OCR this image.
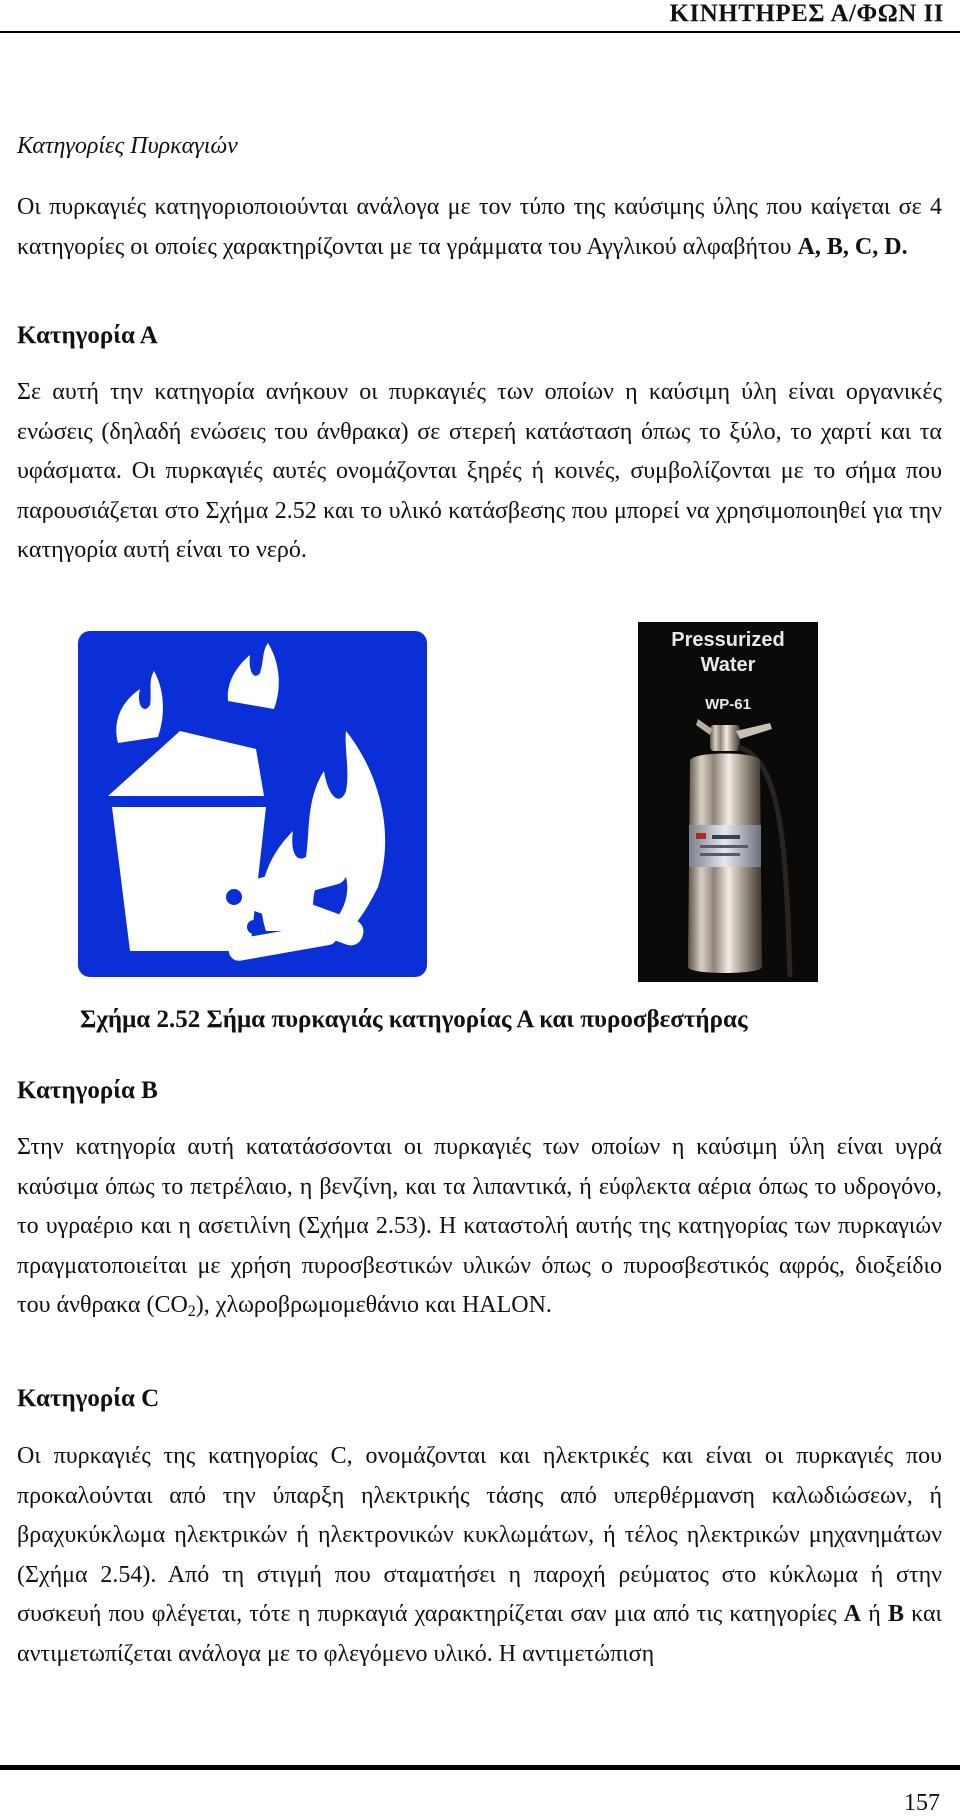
ΚΙΝΗΤΗΡΕΣ Α/ΦΩΝ ΙΙ
Κατηγορίες Πυρκαγιών

Οι πυρκαγιές κατηγοριοποιούνται ανάλογα με τον τύπο της καύσιμης ύλης που καίγεται σε 4 κατηγορίες οι οποίες χαρακτηρίζονται με τα γράμματα του Αγγλικού αλφαβήτου A, B, C, D.

Κατηγορία Α

Σε αυτή την κατηγορία ανήκουν οι πυρκαγιές των οποίων η καύσιμη ύλη είναι οργανικές ενώσεις (δηλαδή ενώσεις του άνθρακα) σε στερεή κατάσταση όπως το ξύλο, το χαρτί και τα υφάσματα. Οι πυρκαγιές αυτές ονομάζονται ξηρές ή κοινές, συμβολίζονται με το σήμα που παρουσιάζεται στο Σχήμα 2.52 και το υλικό κατάσβεσης που μπορεί να χρησιμοποιηθεί για την κατηγορία αυτή είναι το νερό.

Pressurized
Water
WP-61
Σχήμα 2.52 Σήμα πυρκαγιάς κατηγορίας Α και πυροσβεστήρας
Κατηγορία Β

Στην κατηγορία αυτή κατατάσσονται οι πυρκαγιές των οποίων η καύσιμη ύλη είναι υγρά καύσιμα όπως το πετρέλαιο, η βενζίνη, και τα λιπαντικά, ή εύφλεκτα αέρια όπως το υδρογόνο, το υγραέριο και η ασετιλίνη (Σχήμα 2.53). Η καταστολή αυτής της κατηγορίας των πυρκαγιών πραγματοποιείται με χρήση πυροσβεστικών υλικών όπως ο πυροσβεστικός αφρός, διοξείδιο του άνθρακα $(CO_2)$, χλωροβρωμομεθάνιο και HALON.

Κατηγορία C

Οι πυρκαγιές της κατηγορίας C, ονομάζονται και ηλεκτρικές και είναι οι πυρκαγιές που προκαλούνται από την ύπαρξη ηλεκτρικής τάσης από υπερθέρμανση καλωδιώσεων, ή βραχυκύκλωμα ηλεκτρικών ή ηλεκτρονικών κυκλωμάτων, ή τέλος ηλεκτρικών μηχανημάτων (Σχήμα 2.54). Από τη στιγμή που σταματήσει η παροχή ρεύματος στο κύκλωμα ή στην συσκευή που φλέγεται, τότε η πυρκαγιά χαρακτηρίζεται σαν μια από τις κατηγορίες Α ή Β και αντιμετωπίζεται ανάλογα με το φλεγόμενο υλικό. Η αντιμετώπιση

157
